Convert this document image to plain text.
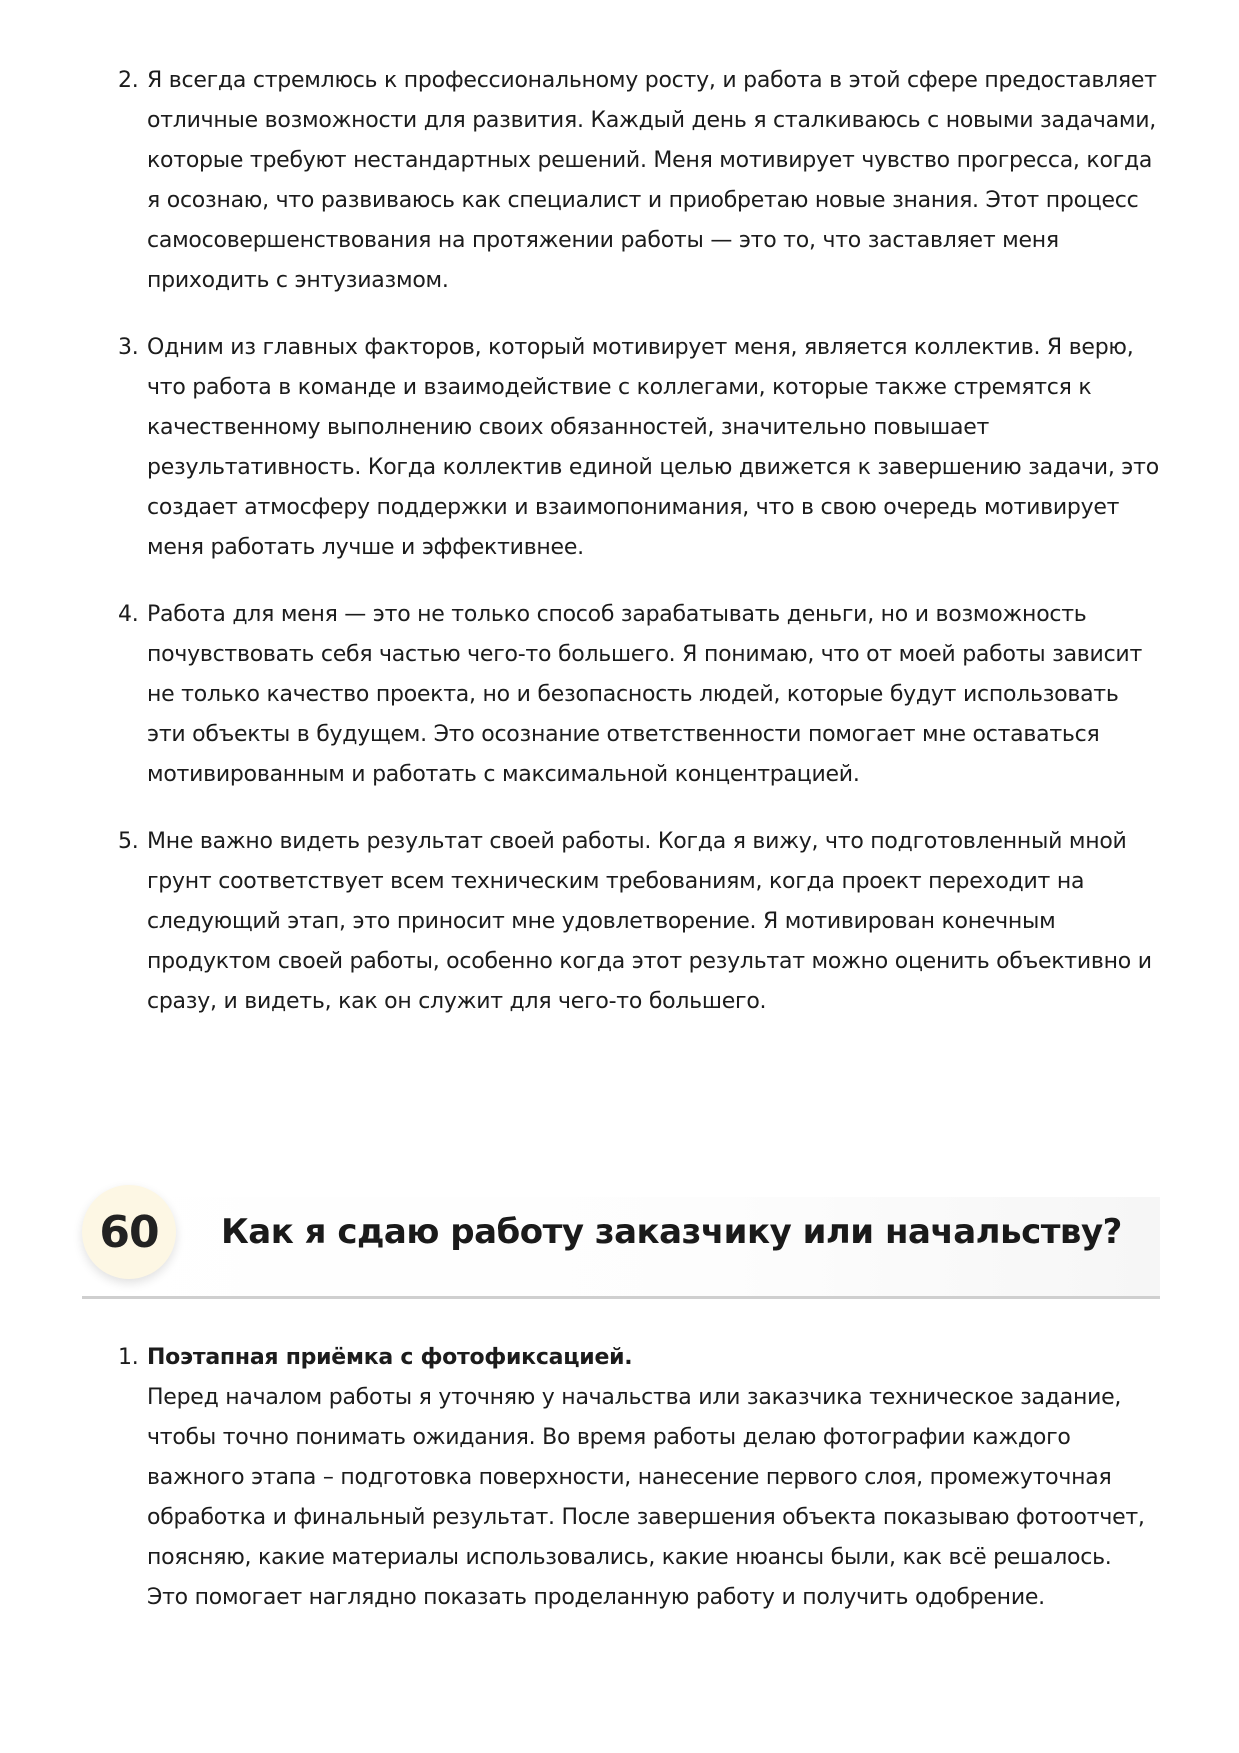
2. Я всегда стремлюсь к профессиональному росту, и работа в этой сфере предоставляет отличные возможности для развития. Каждый день я сталкиваюсь с новыми задачами, которые требуют нестандартных решений. Меня мотивирует чувство прогресса, когда я осознаю, что развиваюсь как специалист и приобретаю новые знания. Этот процесс самосовершенствования на протяжении работы — это то, что заставляет меня приходить с энтузиазмом.
3. Одним из главных факторов, который мотивирует меня, является коллектив. Я верю, что работа в команде и взаимодействие с коллегами, которые также стремятся к качественному выполнению своих обязанностей, значительно повышает результативность. Когда коллектив единой целью движется к завершению задачи, это создает атмосферу поддержки и взаимопонимания, что в свою очередь мотивирует меня работать лучше и эффективнее.
4. Работа для меня — это не только способ зарабатывать деньги, но и возможность почувствовать себя частью чего-то большего. Я понимаю, что от моей работы зависит не только качество проекта, но и безопасность людей, которые будут использовать эти объекты в будущем. Это осознание ответственности помогает мне оставаться мотивированным и работать с максимальной концентрацией.
5. Мне важно видеть результат своей работы. Когда я вижу, что подготовленный мной грунт соответствует всем техническим требованиям, когда проект переходит на следующий этап, это приносит мне удовлетворение. Я мотивирован конечным продуктом своей работы, особенно когда этот результат можно оценить объективно и сразу, и видеть, как он служит для чего-то большего.
60	Как я сдаю работу заказчику или начальству?
1. Поэтапная приёмка с фотофиксацией.
Перед началом работы я уточняю у начальства или заказчика техническое задание, чтобы точно понимать ожидания. Во время работы делаю фотографии каждого важного этапа – подготовка поверхности, нанесение первого слоя, промежуточная обработка и финальный результат. После завершения объекта показываю фотоотчет, поясняю, какие материалы использовались, какие нюансы были, как всё решалось. Это помогает наглядно показать проделанную работу и получить одобрение.
